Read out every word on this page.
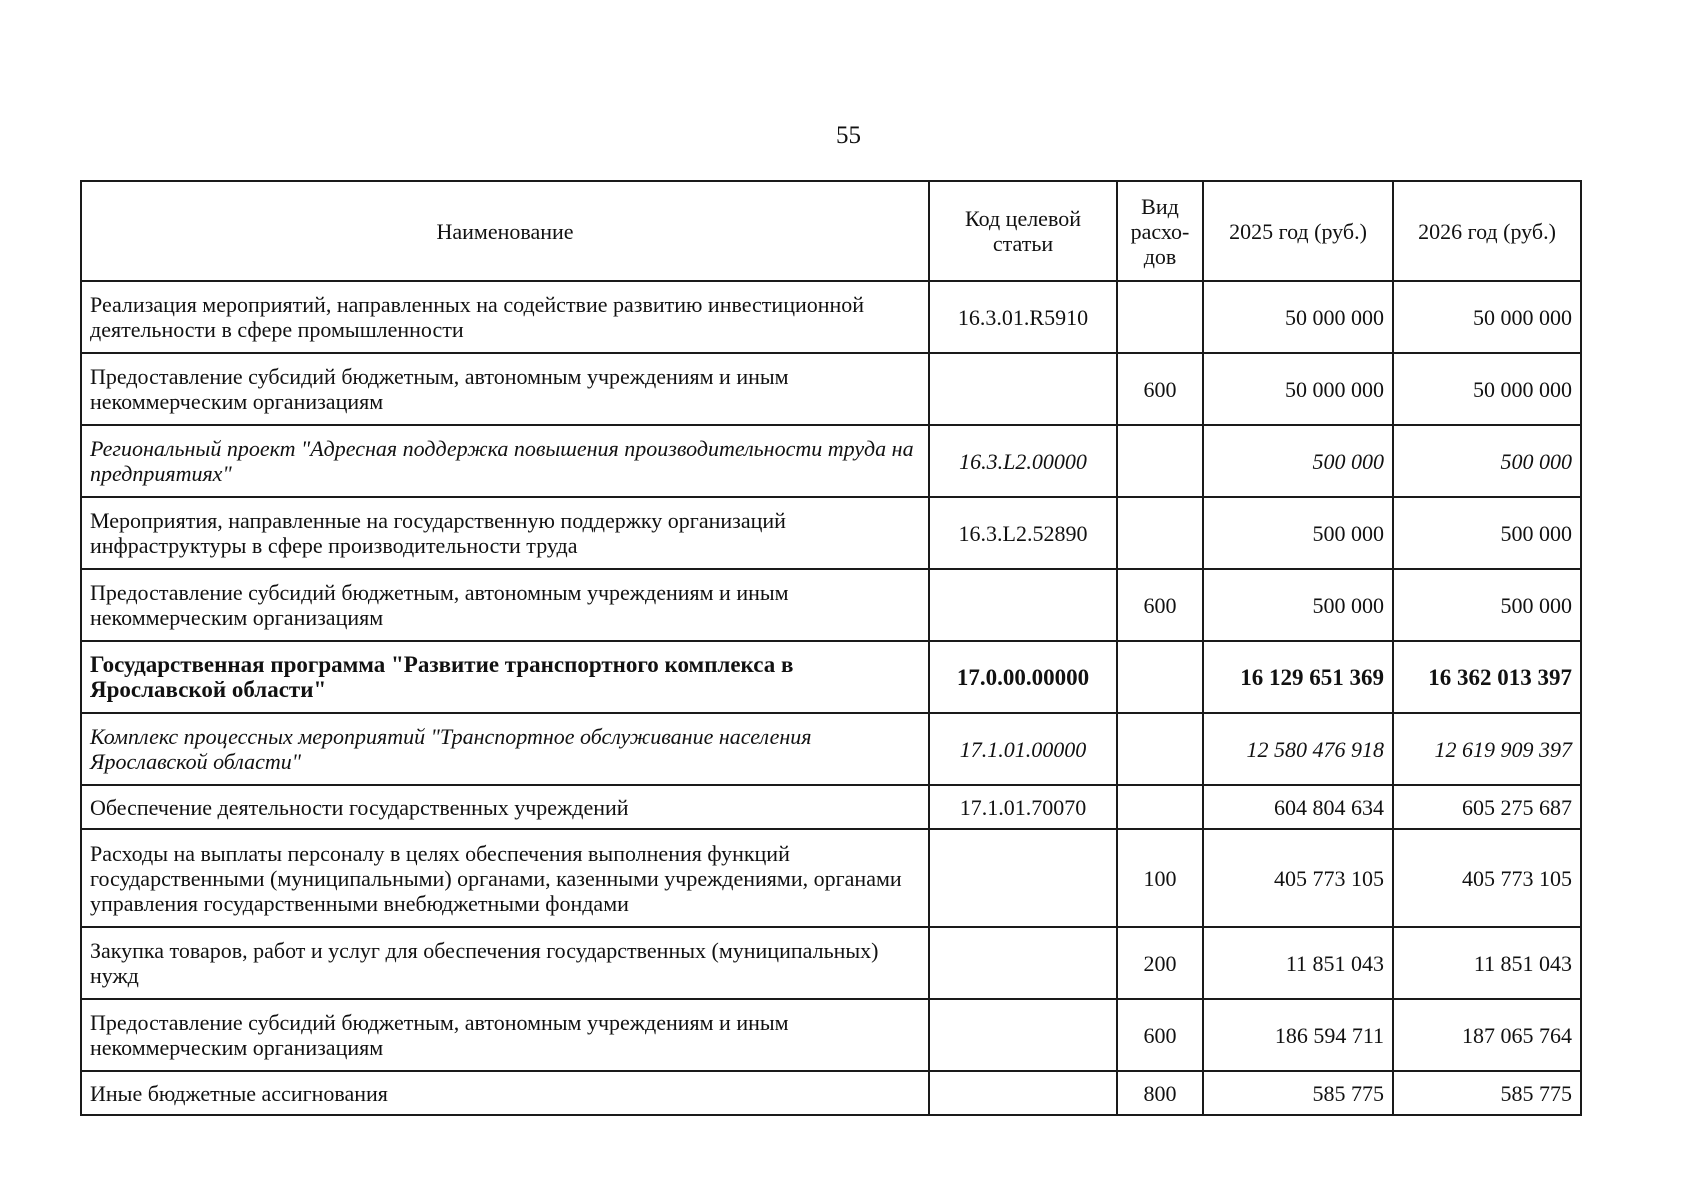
55
Наименование	Код целевой статьи	Вид расхо-дов	2025 год (руб.)	2026 год (руб.)
Реализация мероприятий, направленных на содействие развитию инвестиционной деятельности в сфере промышленности	16.3.01.R5910		50 000 000	50 000 000
Предоставление субсидий бюджетным, автономным учреждениям и иным некоммерческим организациям		600	50 000 000	50 000 000
Региональный проект "Адресная поддержка повышения производительности труда на предприятиях"	16.3.L2.00000		500 000	500 000
Мероприятия, направленные на государственную поддержку организаций инфраструктуры в сфере производительности труда	16.3.L2.52890		500 000	500 000
Предоставление субсидий бюджетным, автономным учреждениям и иным некоммерческим организациям		600	500 000	500 000
Государственная программа "Развитие транспортного комплекса в Ярославской области"	17.0.00.00000		16 129 651 369	16 362 013 397
Комплекс процессных мероприятий "Транспортное обслуживание населения Ярославской области"	17.1.01.00000		12 580 476 918	12 619 909 397
Обеспечение деятельности государственных учреждений	17.1.01.70070		604 804 634	605 275 687
Расходы на выплаты персоналу в целях обеспечения выполнения функций государственными (муниципальными) органами, казенными учреждениями, органами управления государственными внебюджетными фондами		100	405 773 105	405 773 105
Закупка товаров, работ и услуг для обеспечения государственных (муниципальных) нужд		200	11 851 043	11 851 043
Предоставление субсидий бюджетным, автономным учреждениям и иным некоммерческим организациям		600	186 594 711	187 065 764
Иные бюджетные ассигнования		800	585 775	585 775
